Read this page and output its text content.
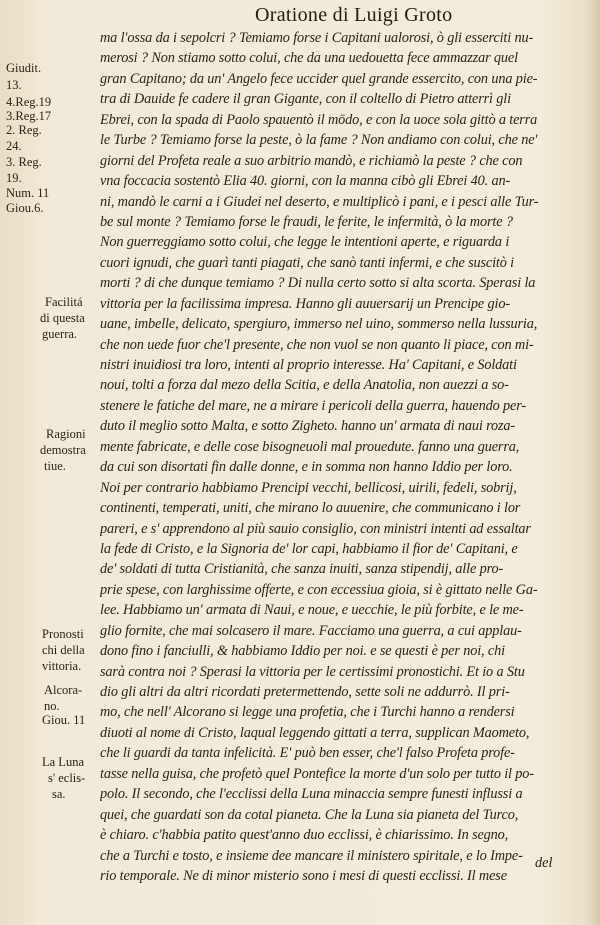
Oratione di Luigi Groto
Giudit.
13.
4.Reg.19
3.Reg.17
2. Reg.
24.
3. Reg.
19.
Num. 11
Giou.6.
Facilitá
di questa
guerra.
Ragioni
demostra
tiue.
Pronosti
chi della
vittoria.
Alcora-
no.
Giou. 11
La Luna
s' eclis-
sa.
ma l'ossa da i sepolcri ? Temiamo forse i Capitani ualorosi, ò gli esserciti nu-
merosi ? Non stiamo sotto colui, che da una uedouetta fece ammazzar quel
gran Capitano; da un' Angelo fece uccider quel grande essercito, con una pie-
tra di Dauide fe cadere il gran Gigante, con il coltello di Pietro atterrì gli
Ebrei, con la spada di Paolo spauentò il mōdo, e con la uoce sola gittò a terra
le Turbe ? Temiamo forse la peste, ò la fame ? Non andiamo con colui, che ne'
giorni del Profeta reale a suo arbitrio mandò, e richiamò la peste ? che con
vna foccacia sostentò Elia 40. giorni, con la manna cibò gli Ebrei 40. an-
ni, mandò le carni a i Giudei nel deserto, e multiplicò i pani, e i pesci alle Tur-
be sul monte ? Temiamo forse le fraudi, le ferite, le infermità, ò la morte ?
Non guerreggiamo sotto colui, che legge le intentioni aperte, e riguarda i
cuori ignudi, che guarì tanti piagati, che sanò tanti infermi, e che suscitò i
morti ? di che dunque temiamo ? Di nulla certo sotto si alta scorta. Sperasi la
vittoria per la facilissima impresa. Hanno gli auuersarij un Prencipe gio-
uane, imbelle, delicato, spergiuro, immerso nel uino, sommerso nella lussuria,
che non uede fuor che'l presente, che non vuol se non quanto li piace, con mi-
nistri inuidiosi tra loro, intenti al proprio interesse. Ha' Capitani, e Soldati
noui, tolti a forza dal mezo della Scitia, e della Anatolia, non auezzi a so-
stenere le fatiche del mare, ne a mirare i pericoli della guerra, hauendo per-
duto il meglio sotto Malta, e sotto Zigheto. hanno un' armata di naui roza-
mente fabricate, e delle cose bisogneuoli mal prouedute. fanno una guerra,
da cui son disortati fin dalle donne, e in somma non hanno Iddio per loro.
Noi per contrario habbiamo Prencipi vecchi, bellicosi, uirili, fedeli, sobrij,
continenti, temperati, uniti, che mirano lo auuenire, che communicano i lor
pareri, e s' apprendono al più sauio consiglio, con ministri intenti ad essaltar
la fede di Cristo, e la Signoria de' lor capi, habbiamo il fior de' Capitani, e
de' soldati di tutta Cristianità, che sanza inuiti, sanza stipendij, alle pro-
prie spese, con larghissime offerte, e con eccessiua gioia, si è gittato nelle Ga-
lee. Habbiamo un' armata di Naui, e noue, e uecchie, le più forbite, e le me-
glio fornite, che mai solcasero il mare. Facciamo una guerra, a cui applau-
dono fino i fanciulli, & habbiamo Iddio per noi. e se questi è per noi, chi
sarà contra noi ? Sperasi la vittoria per le certissimi pronostichi. Et io a Stu
dio gli altri da altri ricordati pretermettendo, sette soli ne addurrò. Il pri-
mo, che nell' Alcorano si legge una profetia, che i Turchi hanno a rendersi
diuoti al nome di Cristo, laqual leggendo gittati a terra, supplican Maometo,
che li guardi da tanta infelicità. E' può ben esser, che'l falso Profeta profe-
tasse nella guisa, che profetò quel Pontefice la morte d'un solo per tutto il po-
polo. Il secondo, che l'ecclissi della Luna minaccia sempre funesti influssi a
quei, che guardati son da cotal pianeta. Che la Luna sia pianeta del Turco,
è chiaro. c'habbia patito quest'anno duo ecclissi, è chiarissimo. In segno,
che a Turchi e tosto, e insieme dee mancare il ministero spiritale, e lo Impe-
rio temporale. Ne di minor misterio sono i mesi di questi ecclissi. Il mese
del
